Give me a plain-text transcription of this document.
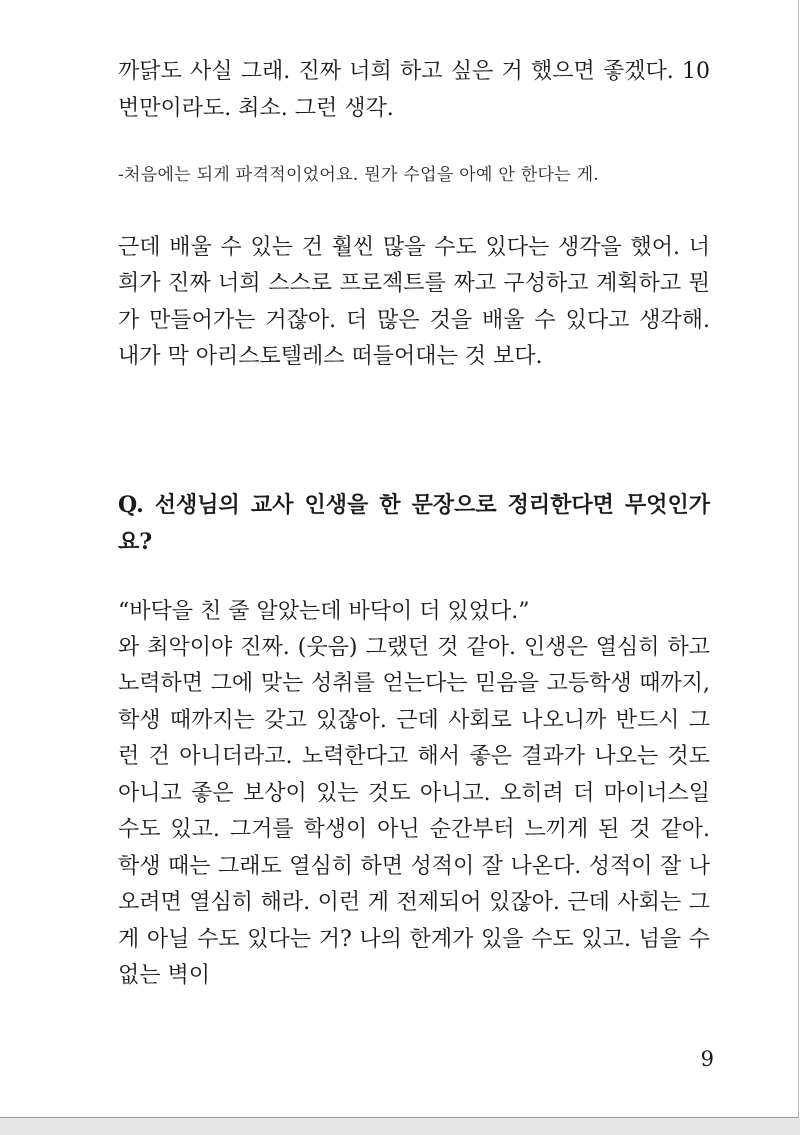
까닭도 사실 그래. 진짜 너희 하고 싶은 거 했으면 좋겠다. 10번만이라도. 최소. 그런 생각.

-처음에는 되게 파격적이었어요. 뭔가 수업을 아예 안 한다는 게.

근데 배울 수 있는 건 훨씬 많을 수도 있다는 생각을 했어. 너희가 진짜 너희 스스로 프로젝트를 짜고 구성하고 계획하고 뭔가 만들어가는 거잖아. 더 많은 것을 배울 수 있다고 생각해. 내가 막 아리스토텔레스 떠들어대는 것 보다.

Q. 선생님의 교사 인생을 한 문장으로 정리한다면 무엇인가요?

“바닥을 친 줄 알았는데 바닥이 더 있었다.”

와 최악이야 진짜. (웃음) 그랬던 것 같아. 인생은 열심히 하고 노력하면 그에 맞는 성취를 얻는다는 믿음을 고등학생 때까지, 학생 때까지는 갖고 있잖아. 근데 사회로 나오니까 반드시 그런 건 아니더라고. 노력한다고 해서 좋은 결과가 나오는 것도 아니고 좋은 보상이 있는 것도 아니고. 오히려 더 마이너스일 수도 있고. 그거를 학생이 아닌 순간부터 느끼게 된 것 같아. 학생 때는 그래도 열심히 하면 성적이 잘 나온다. 성적이 잘 나오려면 열심히 해라. 이런 게 전제되어 있잖아. 근데 사회는 그게 아닐 수도 있다는 거? 나의 한계가 있을 수도 있고. 넘을 수 없는 벽이

9
